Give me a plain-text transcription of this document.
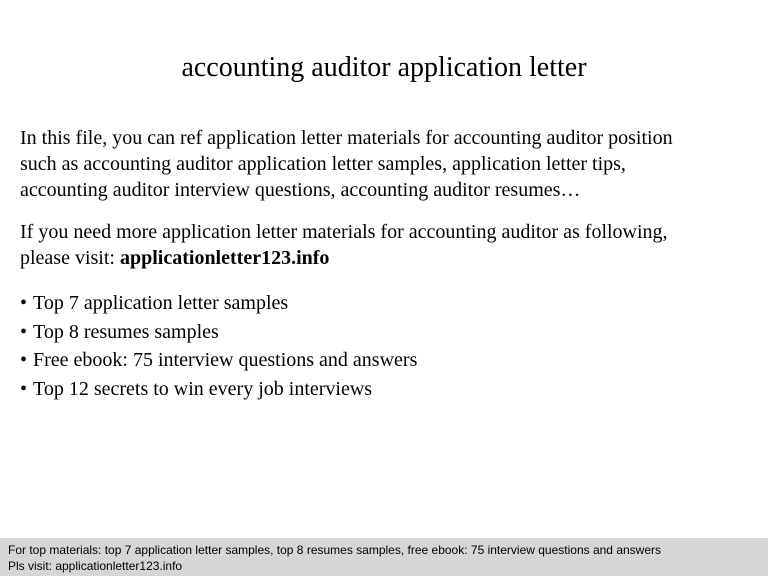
accounting auditor application letter

In this file, you can ref application letter materials for accounting auditor position
such as accounting auditor application letter samples, application letter tips,
accounting auditor interview questions, accounting auditor resumes…

If you need more application letter materials for accounting auditor as following,
please visit: applicationletter123.info

• Top 7 application letter samples
• Top 8 resumes samples
• Free ebook: 75 interview questions and answers
• Top 12 secrets to win every job interviews
For top materials: top 7 application letter samples, top 8 resumes samples, free ebook: 75 interview questions and answers
Pls visit: applicationletter123.info
